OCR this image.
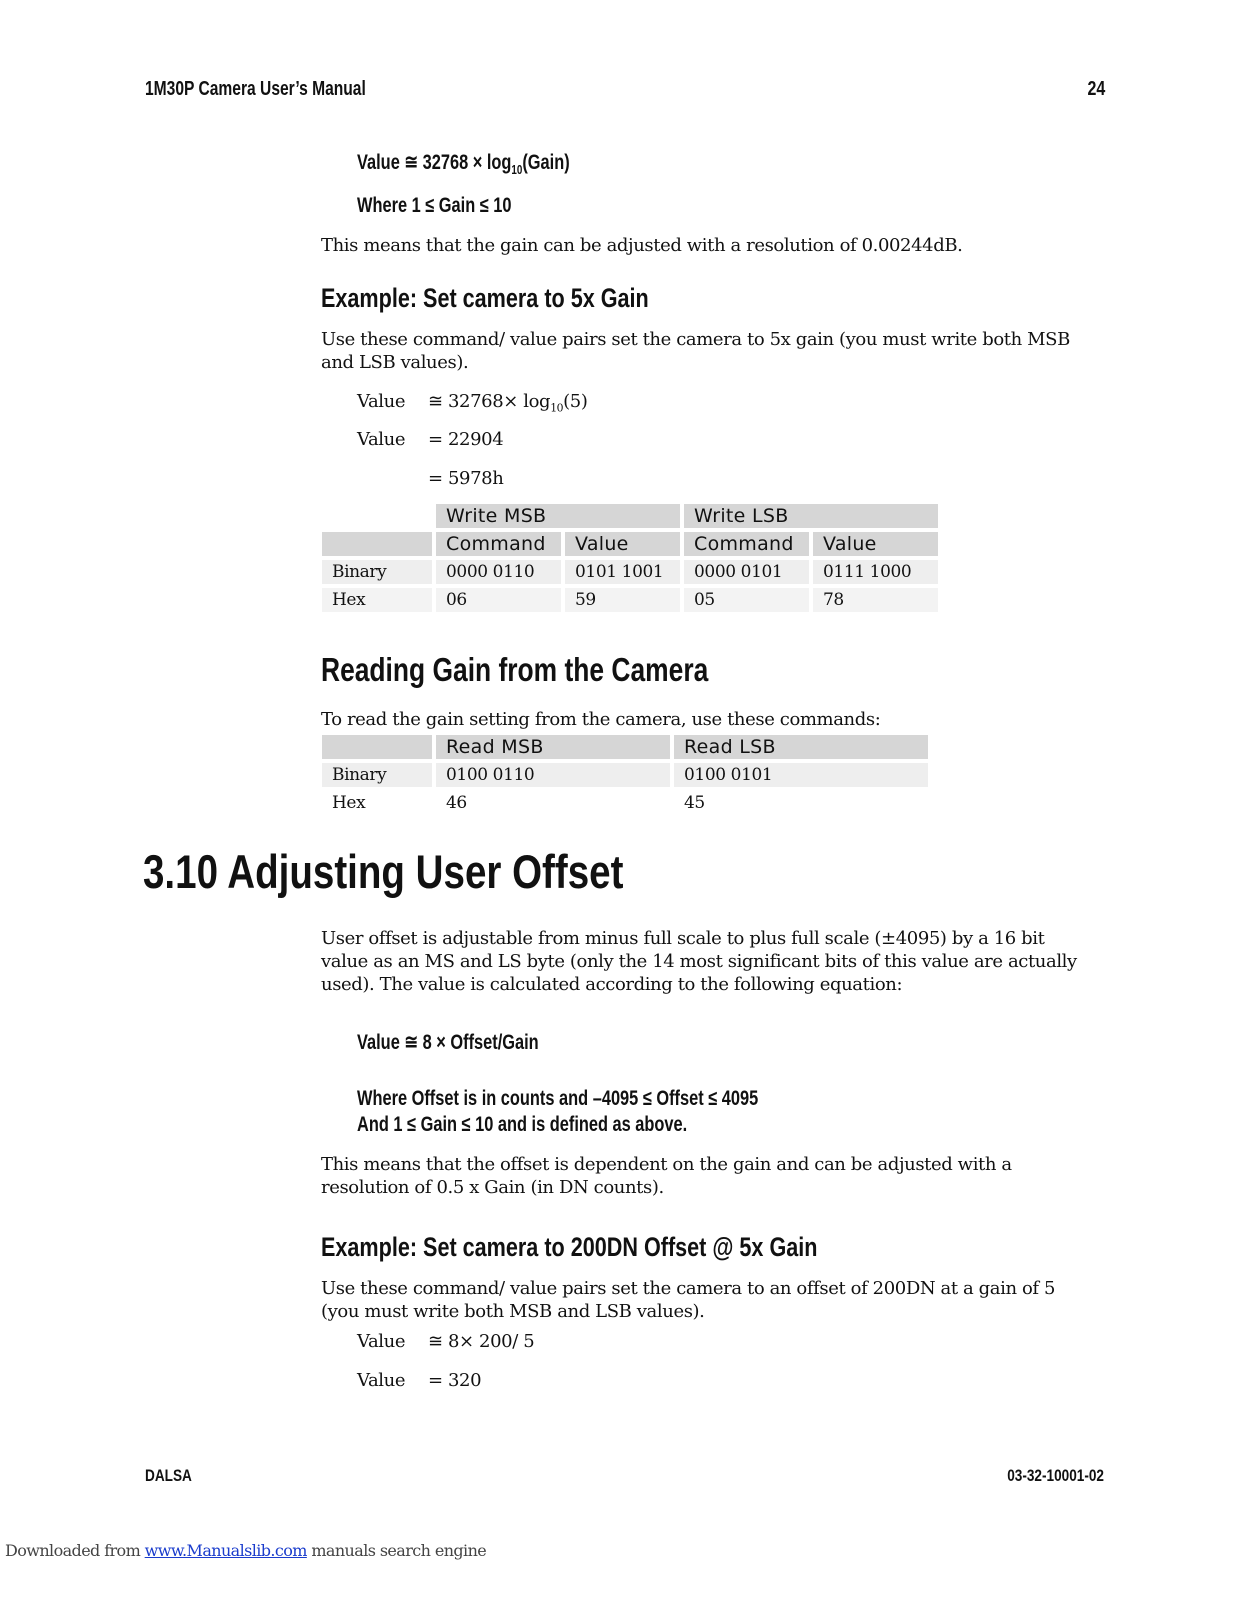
1M30P Camera User’s Manual	24
Value ≅ $32768 \times \log_{10}(Gain)$
Where 1 ≤ Gain ≤ 10
This means that the gain can be adjusted with a resolution of 0.00244dB.
Example: Set camera to 5x Gain
Use these command/ value pairs set the camera to 5x gain (you must write both MSB and LSB values).
Value ≅ $32768\times \log_{10}(5)$
Value = 22904
= 5978h
	Write MSB		Write LSB	
	Command	Value	Command	Value
Binary	0000 0110	0101 1001	0000 0101	0111 1000
Hex	06	59	05	78
Reading Gain from the Camera
To read the gain setting from the camera, use these commands:
	Read MSB	Read LSB
Binary	0100 0110	0100 0101
Hex	46	45
3.10 Adjusting User Offset
User offset is adjustable from minus full scale to plus full scale (±4095) by a 16 bit value as an MS and LS byte (only the 14 most significant bits of this value are actually used). The value is calculated according to the following equation:
Value ≅ 8 × Offset/Gain
Where Offset is in counts and –4095 ≤ Offset ≤ 4095
And 1 ≤ Gain ≤ 10 and is defined as above.
This means that the offset is dependent on the gain and can be adjusted with a resolution of 0.5 x Gain (in DN counts).
Example: Set camera to 200DN Offset @ 5x Gain
Use these command/ value pairs set the camera to an offset of 200DN at a gain of 5 (you must write both MSB and LSB values).
Value ≅ 8× 200/ 5
Value = 320
DALSA	03-32-10001-02
Downloaded from www.Manualslib.com manuals search engine
